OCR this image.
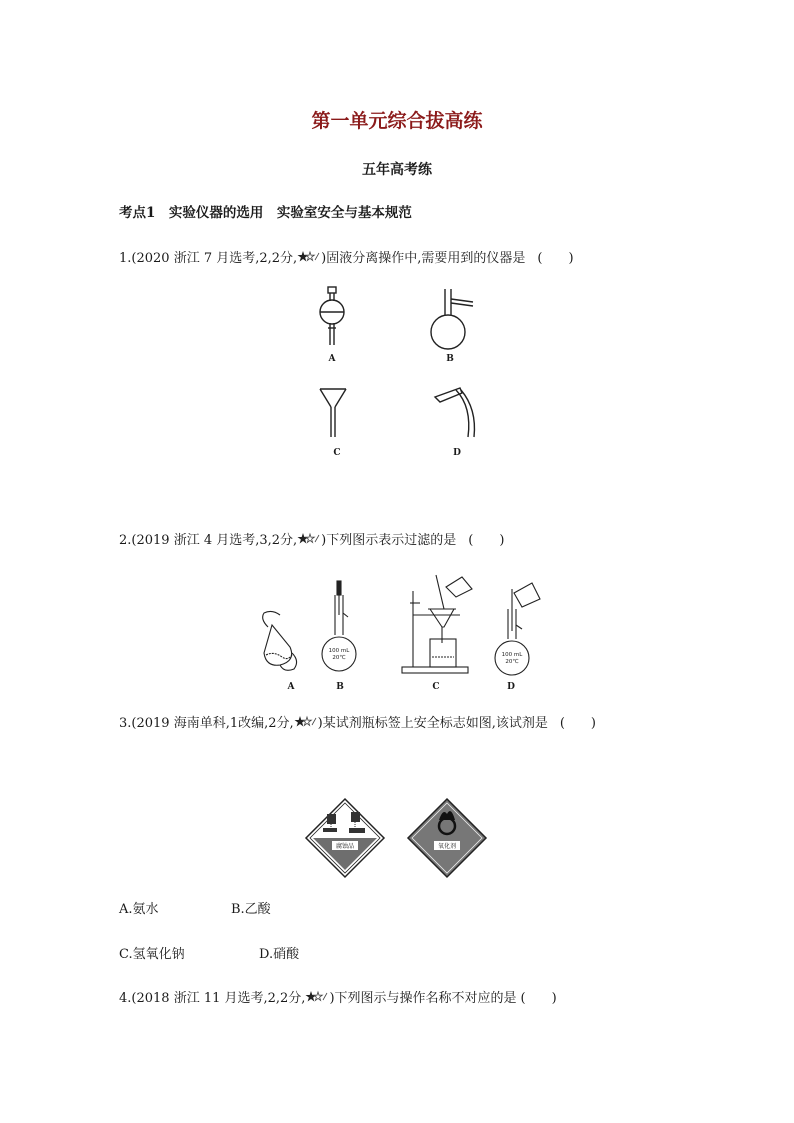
第一单元综合拔高练
五年高考练
考点1　实验仪器的选用　实验室安全与基本规范
1.(2020 浙江 7 月选考,2,2分, )固液分离操作中,需要用到的仪器是 (　　)
A	B
C	D
2.(2019 浙江 4 月选考,3,2分, )下列图示表示过滤的是 (　　)
100 mL
20℃	100 mL
20℃
A	B	C	D
3.(2019 海南单科,1改编,2分, )某试剂瓶标签上安全标志如图,该试剂是 (　　)
腐蚀品	氧化剂
A.氨水	B.乙酸
C.氢氧化钠	D.硝酸
4.(2018 浙江 11 月选考,2,2分, )下列图示与操作名称不对应的是 (　　)
